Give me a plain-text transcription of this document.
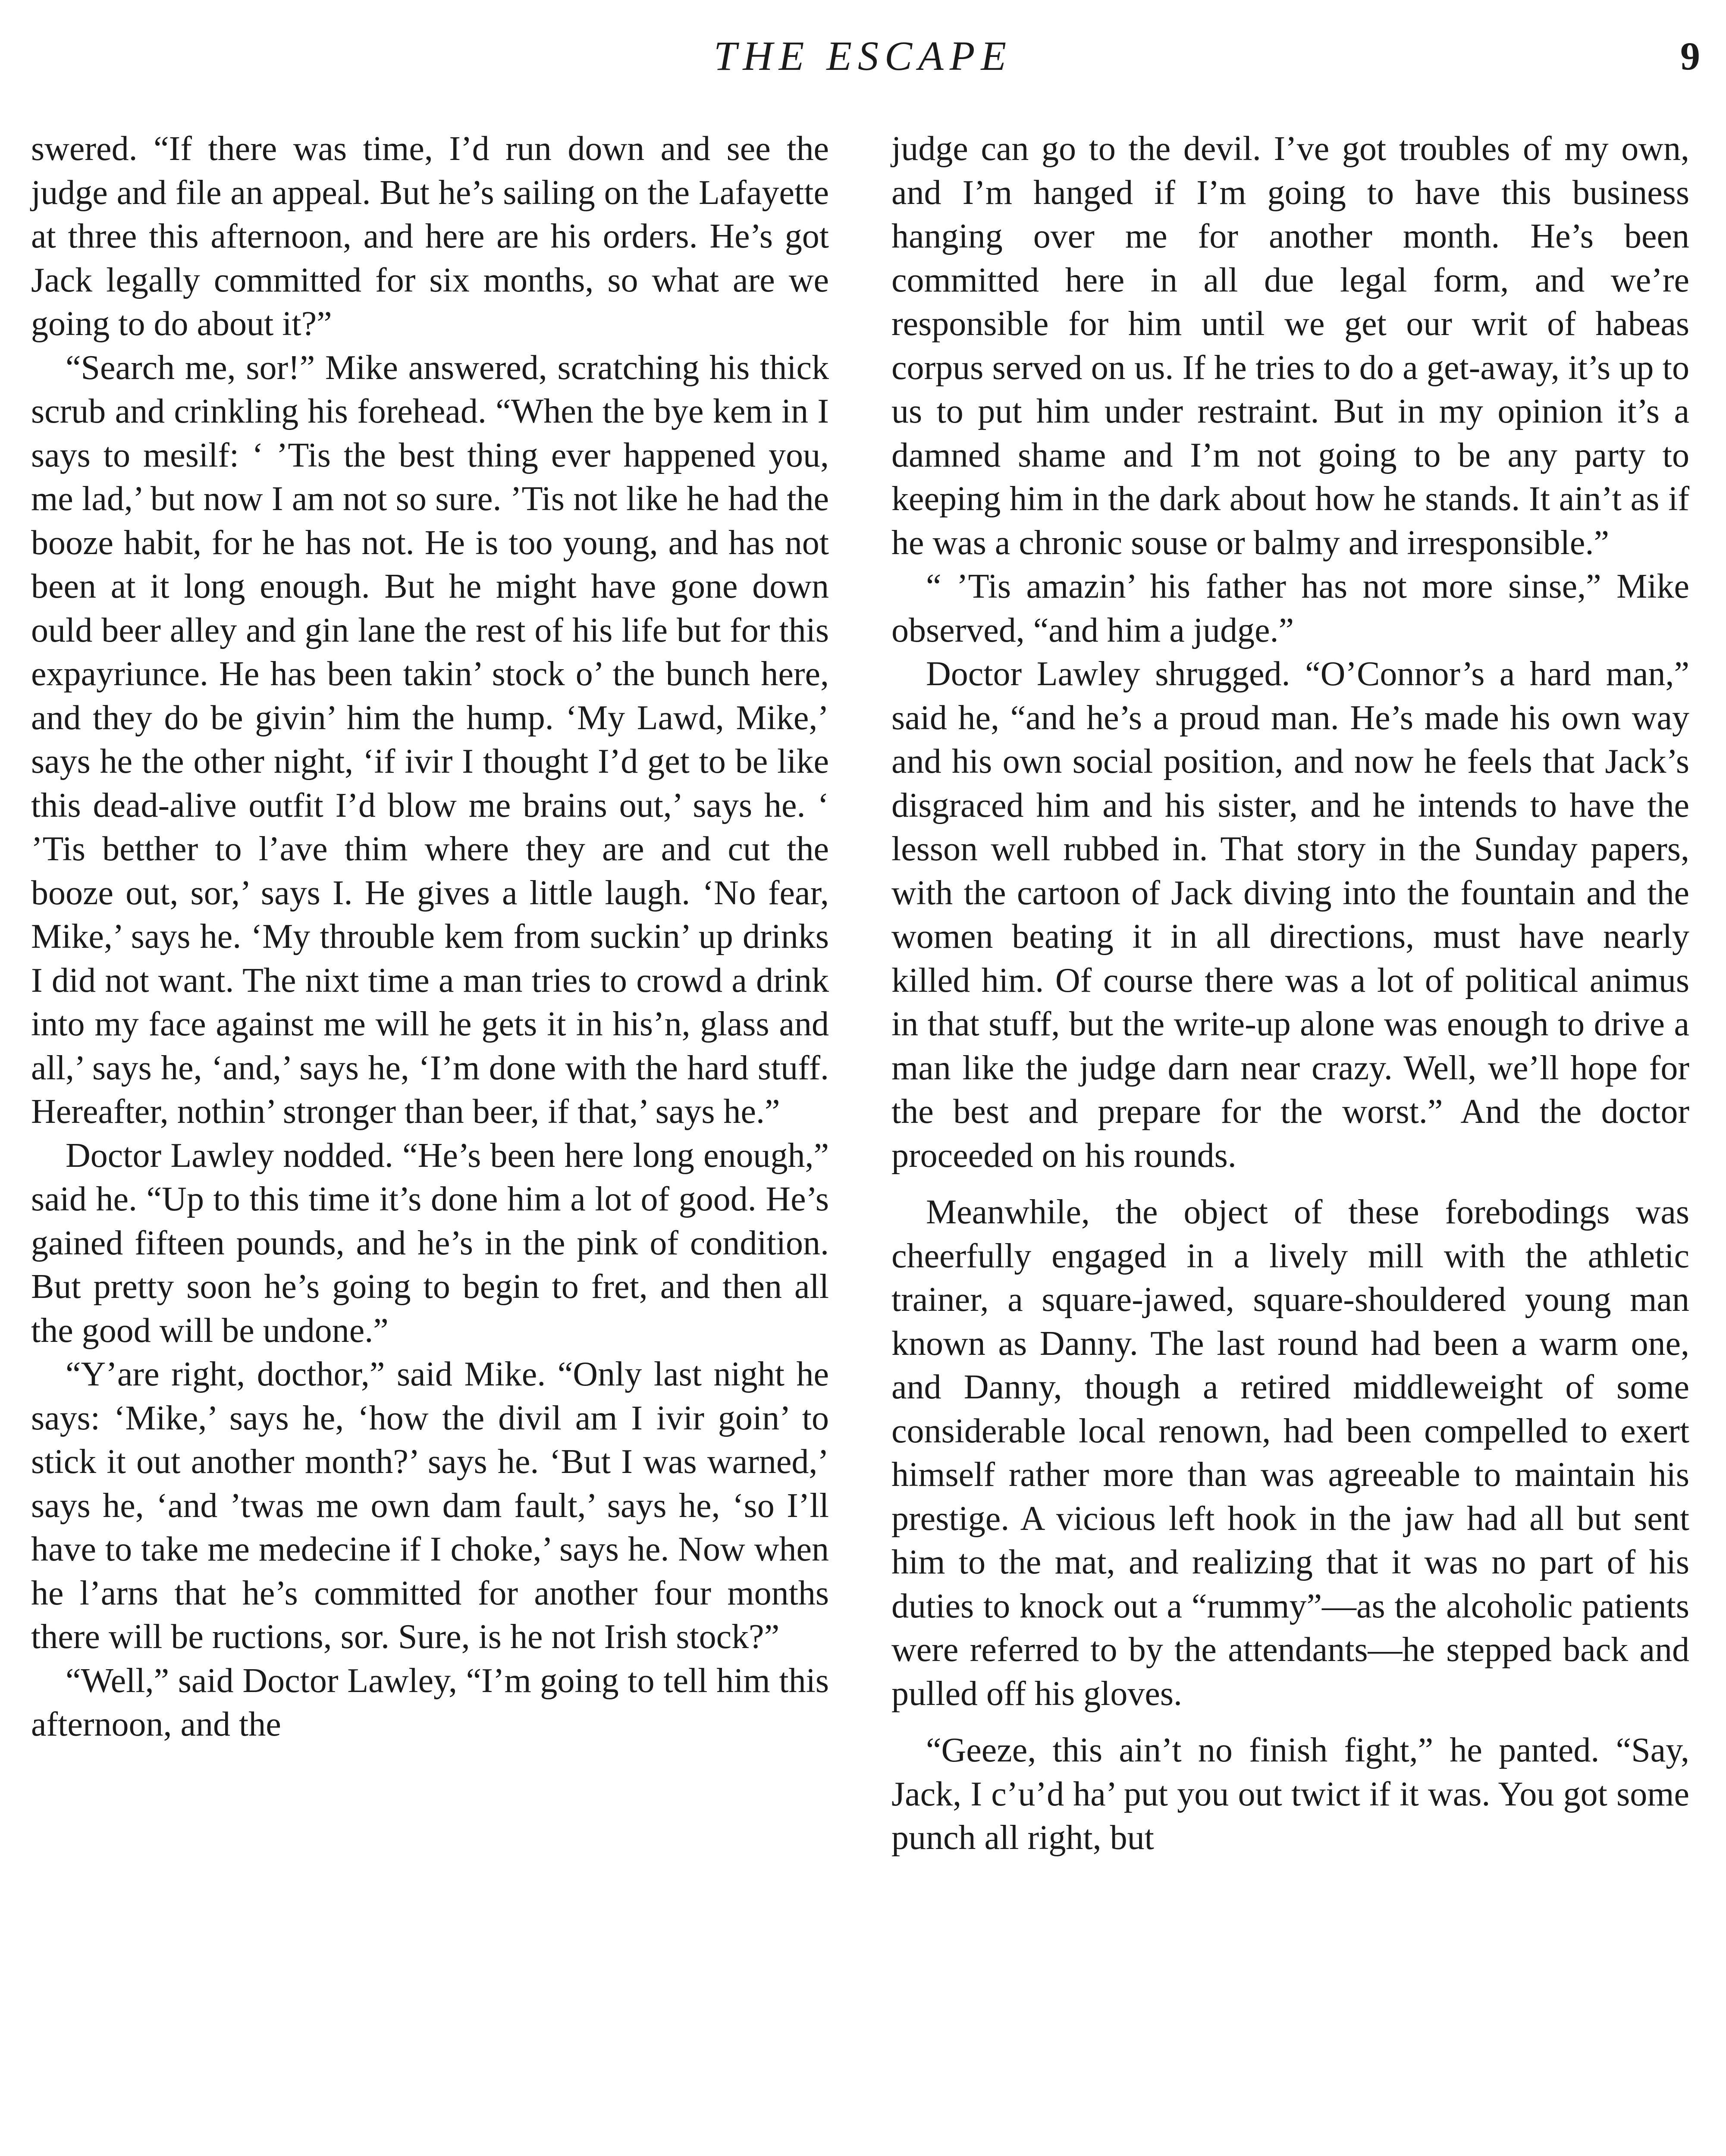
THE ESCAPE	9

swered. “If there was time, I’d run down and see the judge and file an appeal. But he’s sailing on the Lafayette at three this afternoon, and here are his orders. He’s got Jack legally committed for six months, so what are we going to do about it?”

“Search me, sor!” Mike answered, scratching his thick scrub and crinkling his forehead. “When the bye kem in I says to mesilf: ‘ ’Tis the best thing ever happened you, me lad,’ but now I am not so sure. ’Tis not like he had the booze habit, for he has not. He is too young, and has not been at it long enough. But he might have gone down ould beer alley and gin lane the rest of his life but for this expayriunce. He has been takin’ stock o’ the bunch here, and they do be givin’ him the hump. ‘My Lawd, Mike,’ says he the other night, ‘if ivir I thought I’d get to be like this dead-alive outfit I’d blow me brains out,’ says he. ‘ ’Tis betther to l’ave thim where they are and cut the booze out, sor,’ says I. He gives a little laugh. ‘No fear, Mike,’ says he. ‘My throuble kem from suckin’ up drinks I did not want. The nixt time a man tries to crowd a drink into my face against me will he gets it in his’n, glass and all,’ says he, ‘and,’ says he, ‘I’m done with the hard stuff. Hereafter, nothin’ stronger than beer, if that,’ says he.”

Doctor Lawley nodded. “He’s been here long enough,” said he. “Up to this time it’s done him a lot of good. He’s gained fifteen pounds, and he’s in the pink of condition. But pretty soon he’s going to begin to fret, and then all the good will be undone.”

“Y’are right, docthor,” said Mike. “Only last night he says: ‘Mike,’ says he, ‘how the divil am I ivir goin’ to stick it out another month?’ says he. ‘But I was warned,’ says he, ‘and ’twas me own dam fault,’ says he, ‘so I’ll have to take me medecine if I choke,’ says he. Now when he l’arns that he’s committed for another four months there will be ructions, sor. Sure, is he not Irish stock?”

“Well,” said Doctor Lawley, “I’m going to tell him this afternoon, and the

judge can go to the devil. I’ve got troubles of my own, and I’m hanged if I’m going to have this business hanging over me for another month. He’s been committed here in all due legal form, and we’re responsible for him until we get our writ of habeas corpus served on us. If he tries to do a get-away, it’s up to us to put him under restraint. But in my opinion it’s a damned shame and I’m not going to be any party to keeping him in the dark about how he stands. It ain’t as if he was a chronic souse or balmy and irresponsible.”

“ ’Tis amazin’ his father has not more sinse,” Mike observed, “and him a judge.”

Doctor Lawley shrugged. “O’Connor’s a hard man,” said he, “and he’s a proud man. He’s made his own way and his own social position, and now he feels that Jack’s disgraced him and his sister, and he intends to have the lesson well rubbed in. That story in the Sunday papers, with the cartoon of Jack diving into the fountain and the women beating it in all directions, must have nearly killed him. Of course there was a lot of political animus in that stuff, but the write-up alone was enough to drive a man like the judge darn near crazy. Well, we’ll hope for the best and prepare for the worst.” And the doctor proceeded on his rounds.

Meanwhile, the object of these forebodings was cheerfully engaged in a lively mill with the athletic trainer, a square-jawed, square-shouldered young man known as Danny. The last round had been a warm one, and Danny, though a retired middleweight of some considerable local renown, had been compelled to exert himself rather more than was agreeable to maintain his prestige. A vicious left hook in the jaw had all but sent him to the mat, and realizing that it was no part of his duties to knock out a “rummy”—as the alcoholic patients were referred to by the attendants—he stepped back and pulled off his gloves.

“Geeze, this ain’t no finish fight,” he panted. “Say, Jack, I c’u’d ha’ put you out twict if it was. You got some punch all right, but
